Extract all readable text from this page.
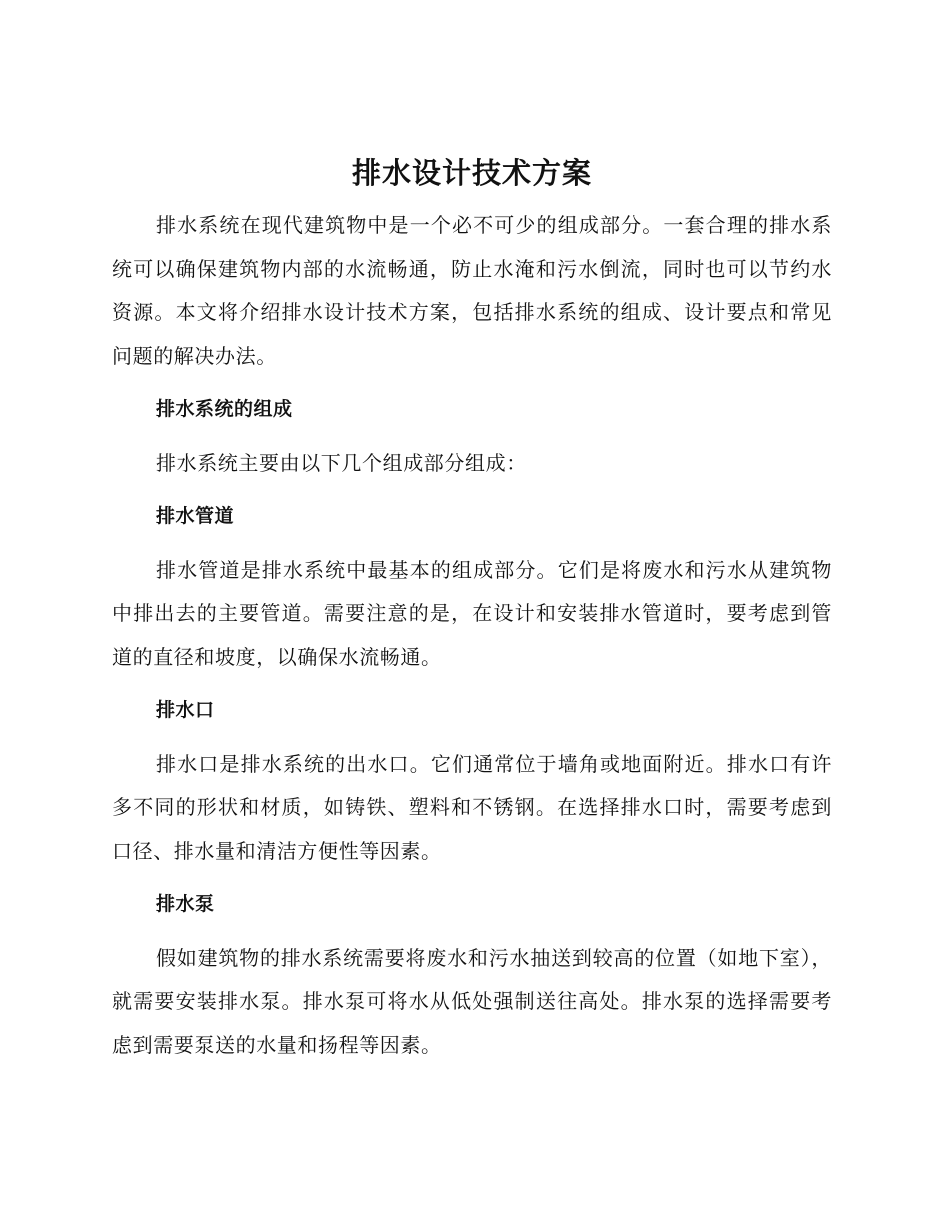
排水设计技术方案

排水系统在现代建筑物中是一个必不可少的组成部分。一套合理的排水系统可以确保建筑物内部的水流畅通，防止水淹和污水倒流，同时也可以节约水资源。本文将介绍排水设计技术方案，包括排水系统的组成、设计要点和常见问题的解决办法。

排水系统的组成

排水系统主要由以下几个组成部分组成：

排水管道

排水管道是排水系统中最基本的组成部分。它们是将废水和污水从建筑物中排出去的主要管道。需要注意的是，在设计和安装排水管道时，要考虑到管道的直径和坡度，以确保水流畅通。

排水口

排水口是排水系统的出水口。它们通常位于墙角或地面附近。排水口有许多不同的形状和材质，如铸铁、塑料和不锈钢。在选择排水口时，需要考虑到口径、排水量和清洁方便性等因素。

排水泵

假如建筑物的排水系统需要将废水和污水抽送到较高的位置（如地下室），就需要安装排水泵。排水泵可将水从低处强制送往高处。排水泵的选择需要考虑到需要泵送的水量和扬程等因素。
